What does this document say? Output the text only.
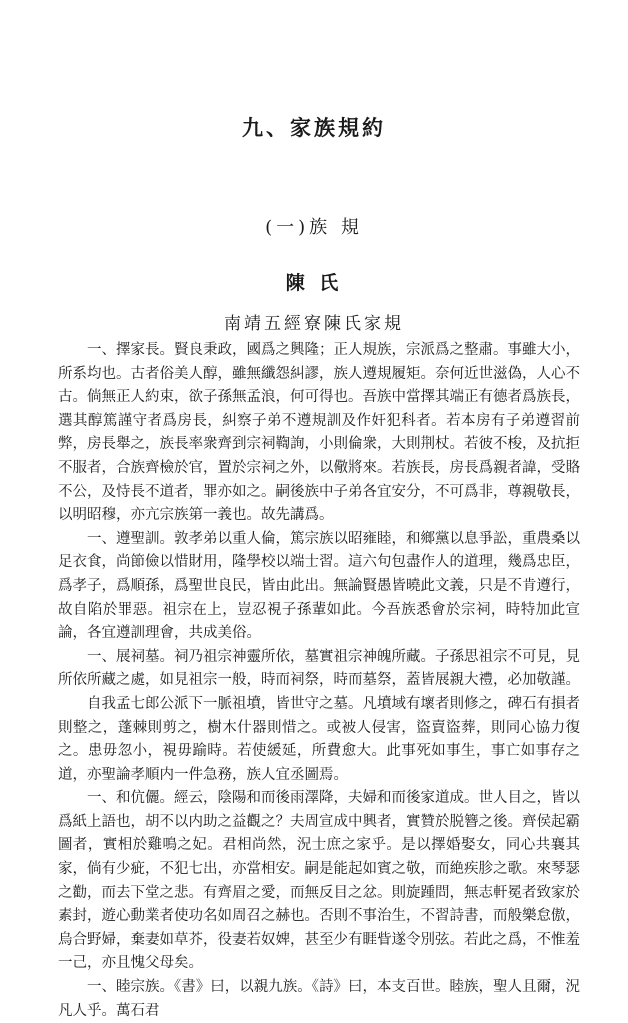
九、家族規約
(一)族 規
陳 氏
南靖五經寮陳氏家規

一、擇家長。賢良秉政，國爲之興隆；正人規族，宗派爲之整肅。事雖大小，所系均也。古者俗美人醇，雖無纖怨糾謬，族人遵規履矩。奈何近世滋偽，人心不古。倘無正人約束，欲子孫無孟浪，何可得也。吾族中當擇其端正有德者爲族長，選其醇篤謹守者爲房長，糾察子弟不遵規訓及作奸犯科者。若本房有子弟遵習前弊，房長舉之，族長率衆齊到宗祠鞫詢，小則倫衆，大則荆杖。若彼不梭，及抗拒不服者，合族齊檢於官，置於宗祠之外，以儆將來。若族長，房長爲親者諱，受賂不公，及恃長不道者，罪亦如之。嗣後族中子弟各宜安分，不可爲非，尊親敬長，以明昭穆，亦亢宗族第一義也。故先講爲。

一、遵聖訓。敦孝弟以重人倫，篤宗族以昭雍睦，和鄉黨以息爭訟，重農桑以足衣食，尚節儉以惜財用，隆學校以端士習。這六句包盡作人的道理，幾爲忠臣，爲孝子，爲順孫，爲聖世良民，皆由此出。無論賢愚皆曉此文義，只是不肯遵行，故自陷於罪惡。祖宗在上，豈忍視子孫輩如此。今吾族悉會於宗祠，時特加此宣論，各宜遵訓理會，共成美俗。

一、展祠墓。祠乃祖宗神靈所依，墓實祖宗神魄所藏。子孫思祖宗不可見，見所依所藏之處，如見祖宗一般，時而祠祭，時而墓祭，蓋皆展親大禮，必加敬謹。

自我孟七郎公派下一脈祖墳，皆世守之墓。凡墳域有壞者則修之，碑石有損者則整之，蓬棘則剪之，樹木什器則惜之。或被人侵害，盜賣盜葬，則同心協力復之。患毋忽小，視毋踰時。若使緩延，所費愈大。此事死如事生，事亡如事存之道，亦聖論孝順内一件急務，族人宜丞圖焉。

一、和伉儷。經云，陰陽和而後雨澤降，夫婦和而後家道成。世人目之，皆以爲紙上語也，胡不以内助之益觀之？夫周宣成中興者，實贊於脱簪之後。齊侯起霸圖者，實相於雞鳴之妃。君相尚然，況士庶之家乎。是以擇婚娶女，同心共襄其家，倘有少疵，不犯七出，亦當相安。嗣是能起如賓之敬，而絶疾胗之歌。來琴瑟之勸，而去下堂之悲。有齊眉之愛，而無反目之忿。則旋踵問，無志軒冕者致家於素封，遊心動業者使功名如周召之赫也。否則不事治生，不習詩書，而般樂怠傲，烏合野婦，棄妻如草芥，役妻若奴婢，甚至少有睚眥遂令別弦。若此之爲，不惟羞一己，亦且愧父母矣。

一、睦宗族。《書》曰，以親九族。《詩》曰，本支百世。睦族，聖人且爾，況凡人乎。萬石君
